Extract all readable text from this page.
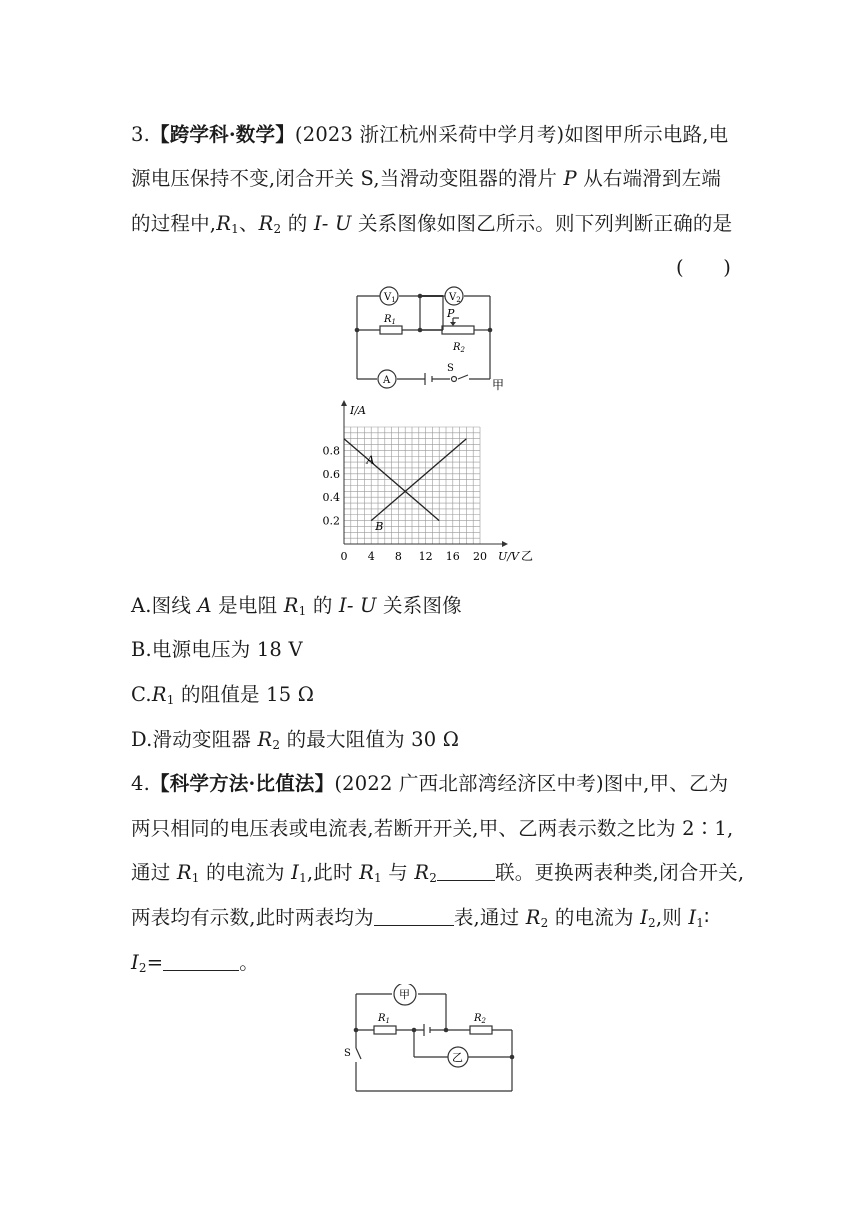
3.【跨学科·数学】(2023 浙江杭州采荷中学月考)如图甲所示电路,电
源电压保持不变,闭合开关 S,当滑动变阻器的滑片 P 从右端滑到左端
的过程中$,R_1$、$R_2$ 的 I- U 关系图像如图乙所示。则下列判断正确的是
(　　)
$V_1$	$V_2$
$R_1$
$R_2$
P
A
S
甲
0 4 8 12 16 20
0.2
0.4
0.6
0.8
I/A
U/V 乙
A
B
A.图线 A 是电阻 $R_1$ 的 I- U 关系图像
B.电源电压为 18 V
$C.R_1$ 的阻值是 15 Ω
D.滑动变阻器 $R_2$ 的最大阻值为 30 Ω
4.【科学方法·比值法】(2022 广西北部湾经济区中考)图中,甲、乙为
两只相同的电压表或电流表,若断开开关,甲、乙两表示数之比为 2∶1,
通过 $R_1$ 的电流为 $I_1$,此时 $R_1$ 与 $R_2$	联。更换两表种类,闭合开关,
两表均有示数,此时两表均为	表,通过 $R_2$ 的电流为 $I_2$,则 $I_1∶$
$I_2=$	。
甲
乙
$R_1$	$R_2$
S
